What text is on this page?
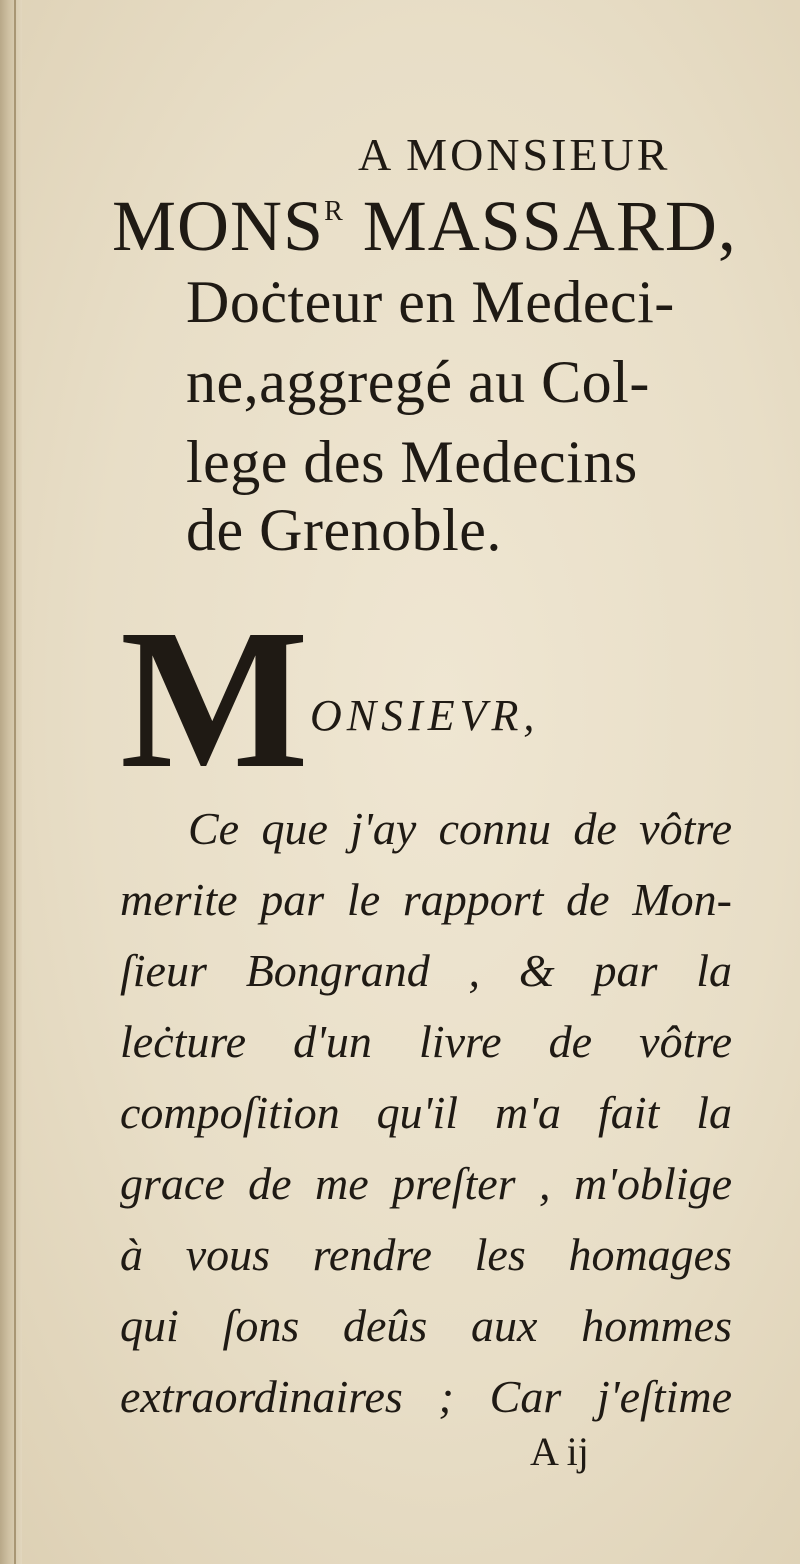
A MONSIEUR

$MONS^R$ MASSARD,

Doċteur en Medeci-

ne,aggregé au Col-

lege des Medecins

de Grenoble.

M ONSIEVR,

Ce que j'ay connu de vôtre

merite par le rapport de Mon-

ſieur Bongrand , & par la

leċture d'un livre de vôtre

compoſition qu'il m'a fait la

grace de me preſter , m'oblige

à vous rendre les homages

qui ſons deûs aux hommes

extraordinaires ; Car j'eſtime

A ij
